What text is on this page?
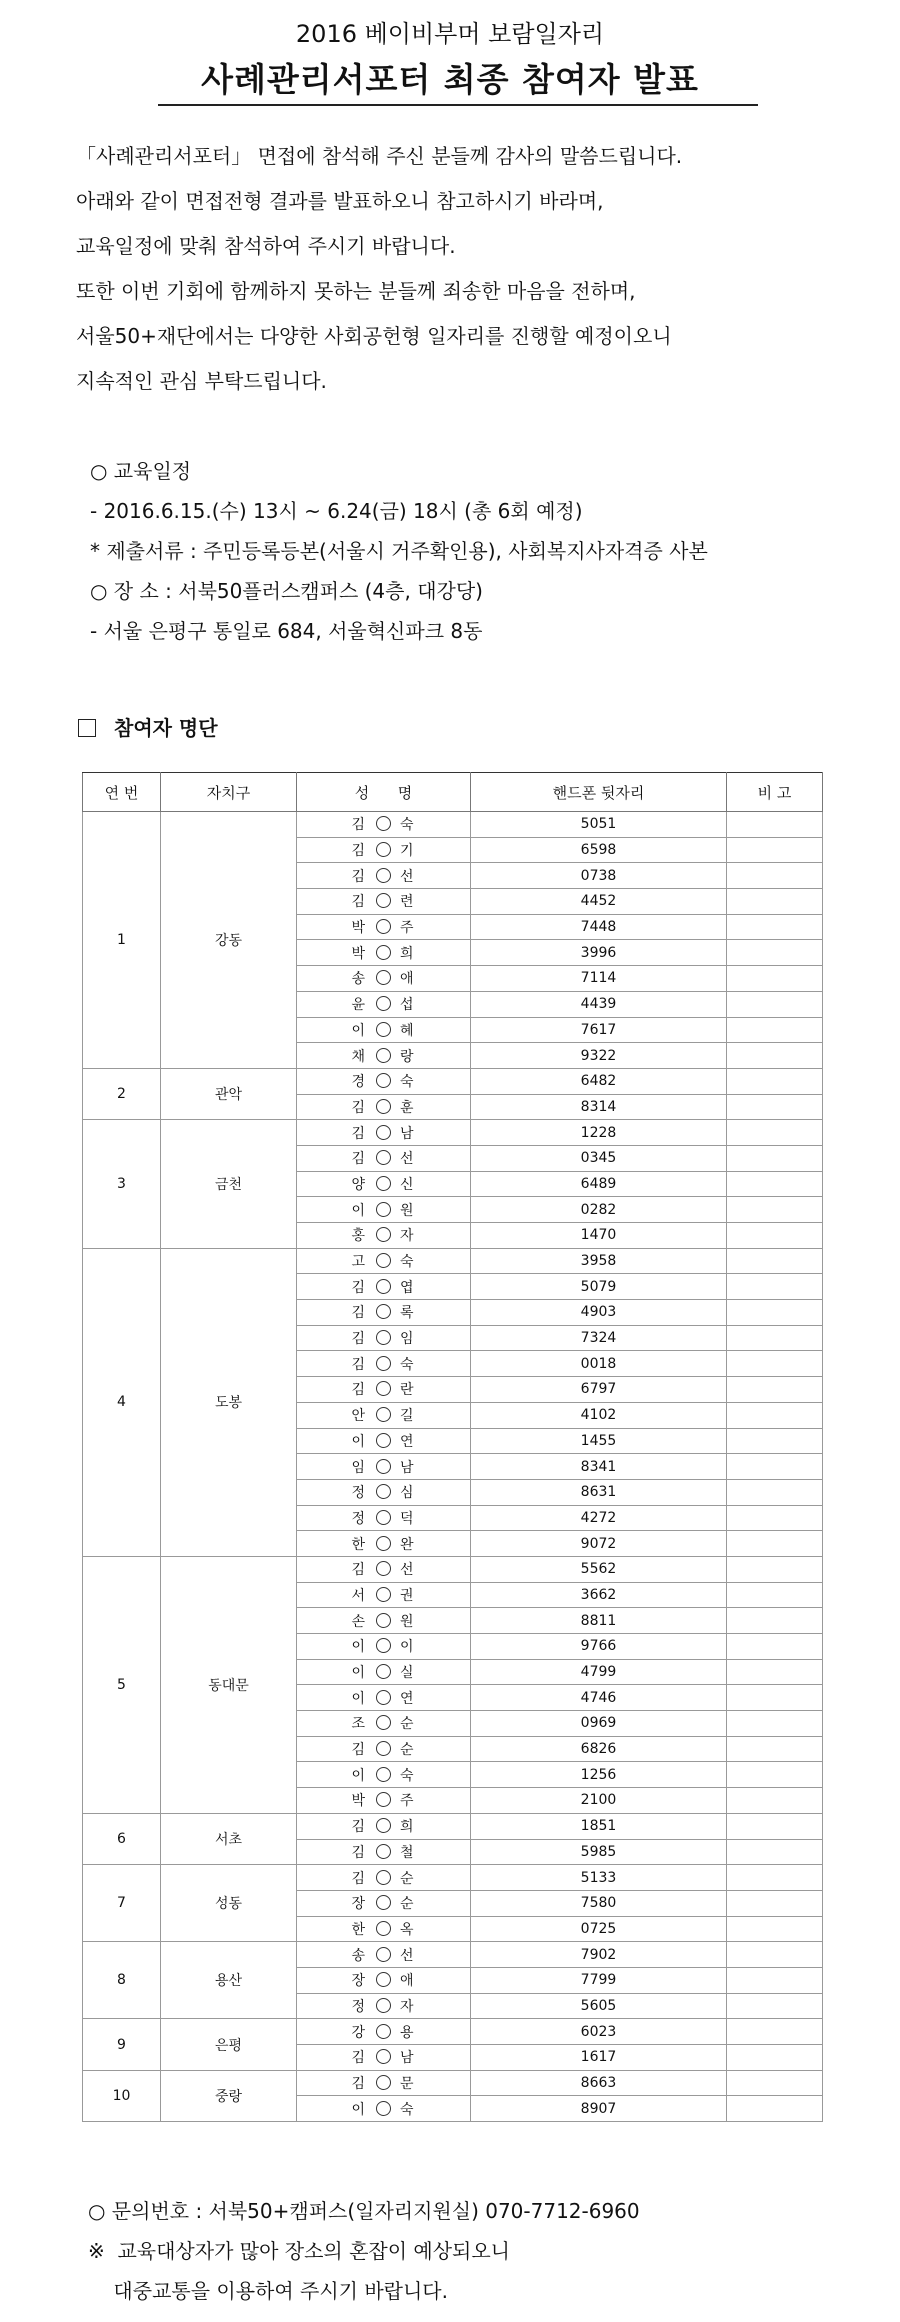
2016 베이비부머 보람일자리
사례관리서포터 최종 참여자 발표
「사례관리서포터」 면접에 참석해 주신 분들께 감사의 말씀드립니다.
아래와 같이 면접전형 결과를 발표하오니 참고하시기 바라며,
교육일정에 맞춰 참석하여 주시기 바랍니다.
또한 이번 기회에 함께하지 못하는 분들께 죄송한 마음을 전하며,
서울50+재단에서는 다양한 사회공헌형 일자리를 진행할 예정이오니
지속적인 관심 부탁드립니다.
○ 교육일정
- 2016.6.15.(수) 13시 ~ 6.24(금) 18시 (총 6회 예정)
* 제출서류 : 주민등록등본(서울시 거주확인용), 사회복지사자격증 사본
○ 장 소 : 서북50플러스캠퍼스 (4층, 대강당)
- 서울 은평구 통일로 684, 서울혁신파크 8동
참여자 명단
연 번	자치구	성      명	핸드폰 뒷자리	비 고
1	강동	김 숙	5051	
		김 기	6598	
		김 선	0738	
		김 련	4452	
		박 주	7448	
		박 희	3996	
		송 애	7114	
		윤 섭	4439	
		이 혜	7617	
		채 랑	9322	
2	관악	경 숙	6482	
		김 훈	8314	
3	금천	김 남	1228	
		김 선	0345	
		양 신	6489	
		이 원	0282	
		홍 자	1470	
4	도봉	고 숙	3958	
		김 엽	5079	
		김 록	4903	
		김 임	7324	
		김 숙	0018	
		김 란	6797	
		안 길	4102	
		이 연	1455	
		임 남	8341	
		정 심	8631	
		정 덕	4272	
		한 완	9072	
5	동대문	김 선	5562	
		서 권	3662	
		손 원	8811	
		이 이	9766	
		이 실	4799	
		이 연	4746	
		조 순	0969	
		김 순	6826	
		이 숙	1256	
		박 주	2100	
6	서초	김 희	1851	
		김 철	5985	
7	성동	김 순	5133	
		장 순	7580	
		한 옥	0725	
8	용산	송 선	7902	
		장 애	7799	
		정 자	5605	
9	은평	강 용	6023	
		김 남	1617	
10	중랑	김 문	8663	
		이 숙	8907	
○ 문의번호 : 서북50+캠퍼스(일자리지원실) 070-7712-6960
※  교육대상자가 많아 장소의 혼잡이 예상되오니
대중교통을 이용하여 주시기 바랍니다.
